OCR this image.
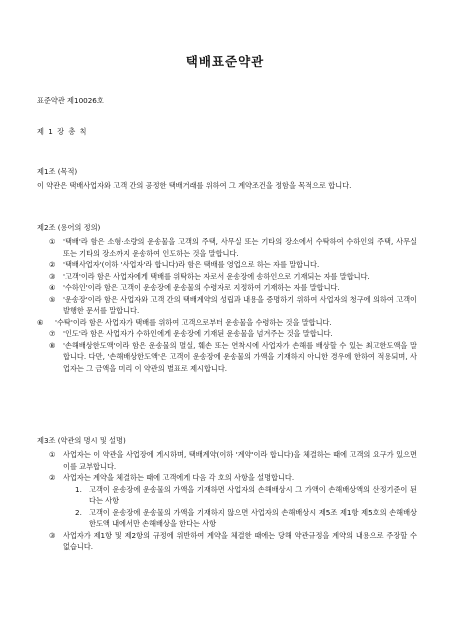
택배표준약관
표준약관 제10026호
제 1 장 총 칙
제1조 (목적)
이 약관은 택배사업자와 고객 간의 공정한 택배거래를 위하여 그 계약조건을 정함을 목적으로 합니다.
제2조 (용어의 정의)
① '택배'라 함은 소형·소량의 운송물을 고객의 주택, 사무실 또는 기타의 장소에서 수탁하여 수하인의 주택, 사무실 또는 기타의 장소까지 운송하여 인도하는 것을 말합니다.
② '택배사업자'(이하 '사업자'라 합니다)라 함은 택배를 영업으로 하는 자를 말합니다.
③ '고객'이라 함은 사업자에게 택배를 위탁하는 자로서 운송장에 송하인으로 기재되는 자를 말합니다.
④ '수하인'이라 함은 고객이 운송장에 운송물의 수령자로 지정하여 기재하는 자를 말합니다.
⑤ '운송장'이라 함은 사업자와 고객 간의 택배계약의 성립과 내용을 증명하기 위하여 사업자의 청구에 의하여 고객이 발행한 문서를 말합니다.
⑥ '수탁'이라 함은 사업자가 택배를 위하여 고객으로부터 운송물을 수령하는 것을 말합니다.
⑦ '인도'라 함은 사업자가 수하인에게 운송장에 기재된 운송물을 넘겨주는 것을 말합니다.
⑧ '손해배상한도액'이라 함은 운송물의 멸실, 훼손 또는 연착시에 사업자가 손해를 배상할 수 있는 최고한도액을 말합니다. 다만, '손해배상한도액'은 고객이 운송장에 운송물의 가액을 기재하지 아니한 경우에 한하여 적용되며, 사업자는 그 금액을 미리 이 약관의 별표로 제시합니다.
제3조 (약관의 명시 및 설명)
① 사업자는 이 약관을 사업장에 게시하며, 택배계약(이하 '계약'이라 합니다)을 체결하는 때에 고객의 요구가 있으면 이를 교부합니다.
② 사업자는 계약을 체결하는 때에 고객에게 다음 각 호의 사항을 설명합니다.
1. 고객이 운송장에 운송물의 가액을 기재하면 사업자의 손해배상시 그 가액이 손해배상액의 산정기준이 된다는 사항
2. 고객이 운송장에 운송물의 가액을 기재하지 않으면 사업자의 손해배상시 제5조 제1항 제5호의 손해배상한도액 내에서만 손해배상을 한다는 사항
③ 사업자가 제1항 및 제2항의 규정에 위반하여 계약을 체결한 때에는 당해 약관규정을 계약의 내용으로 주장할 수 없습니다.
